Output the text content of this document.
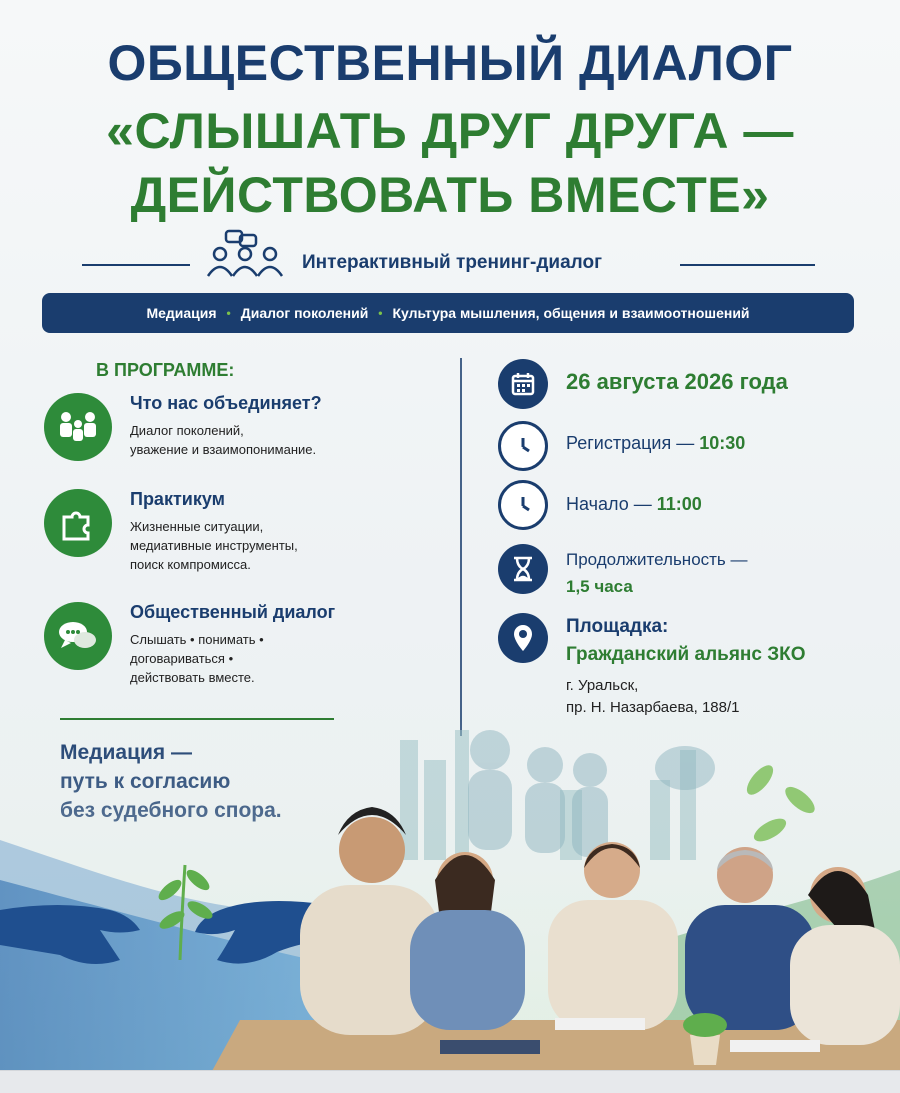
ОБЩЕСТВЕННЫЙ ДИАЛОГ
«СЛЫШАТЬ ДРУГ ДРУГА —
ДЕЙСТВОВАТЬ ВМЕСТЕ»
Интерактивный тренинг-диалог
Медиация • Диалог поколений • Культура мышления, общения и взаимоотношений
В ПРОГРАММЕ:
Что нас объединяет?
Диалог поколений,
уважение и взаимопонимание.
Практикум
Жизненные ситуации,
медиативные инструменты,
поиск компромисса.
Общественный диалог
Слышать • понимать •
договариваться •
действовать вместе.
26 августа 2026 года
Регистрация — 10:30
Начало — 11:00
Продолжительность —
1,5 часа
Площадка:
Гражданский альянс ЗКО
г. Уральск,
пр. Н. Назарбаева, 188/1
